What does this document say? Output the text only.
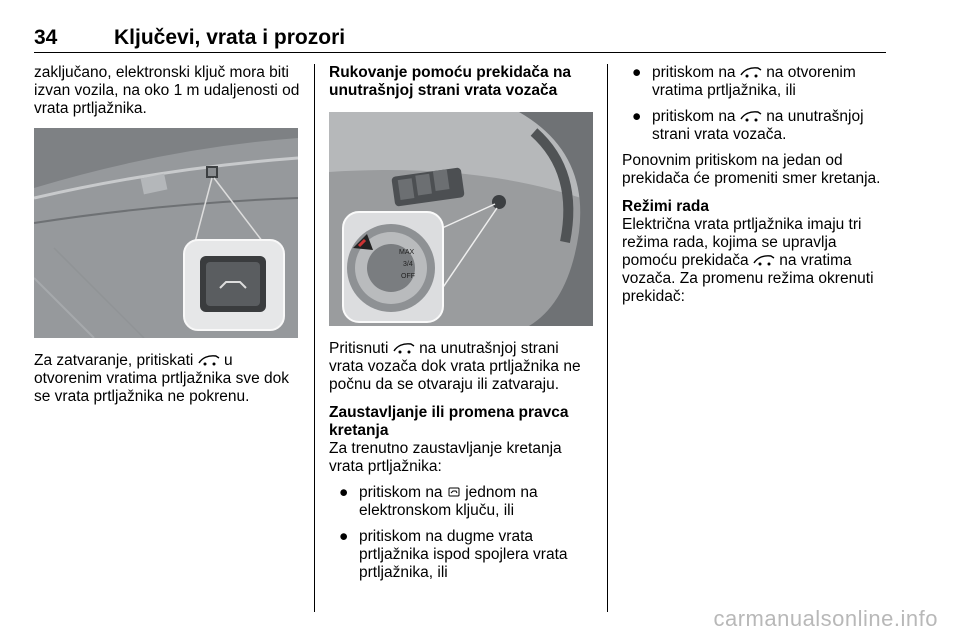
34	Ključevi, vrata i prozori

zaključano, elektronski ključ mora biti izvan vozila, na oko 1 m udaljenosti od vrata prtljažnika.

Za zatvaranje, pritiskati u otvorenim vratima prtljažnika sve dok se vrata prtljažnika ne pokrenu.

Rukovanje pomoću prekidača na unutrašnjoj strani vrata vozača

MAX
3/4
OFF

Pritisnuti na unutrašnjoj strani vrata vozača dok vrata prtljažnika ne počnu da se otvaraju ili zatvaraju.

Zaustavljanje ili promena pravca kretanja

Za trenutno zaustavljanje kretanja vrata prtljažnika:

● pritiskom na jednom na elektronskom ključu, ili
● pritiskom na dugme vrata prtljažnika ispod spojlera vrata prtljažnika, ili
● pritiskom na na otvorenim vratima prtljažnika, ili
● pritiskom na na unutrašnjoj strani vrata vozača.

Ponovnim pritiskom na jedan od prekidača će promeniti smer kretanja.

Režimi rada

Električna vrata prtljažnika imaju tri režima rada, kojima se upravlja pomoću prekidača na vratima vozača. Za promenu režima okrenuti prekidač:

carmanualsonline.info
